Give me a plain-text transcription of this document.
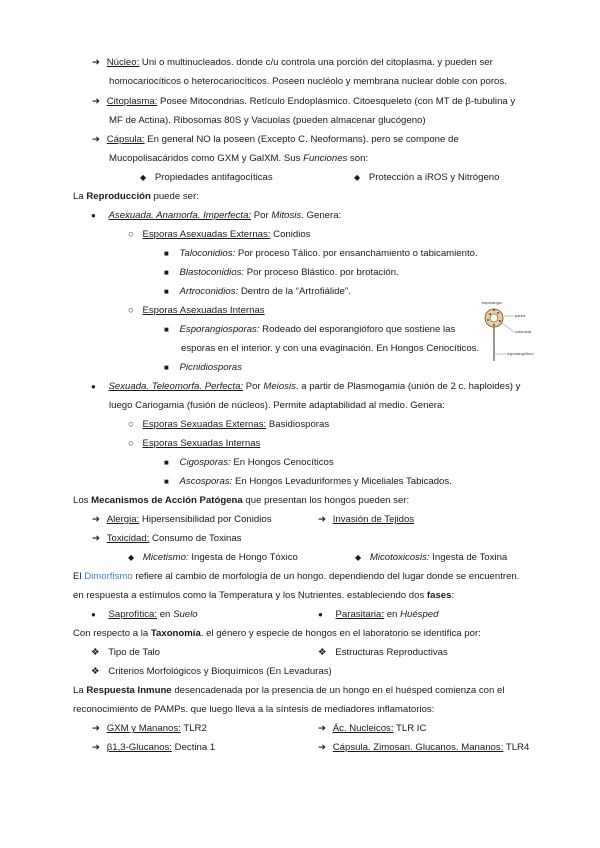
➔ Núcleo: Uni o multinucleados. donde c/u controla una porción del citoplasma. y pueden ser
homocariocíticos o heterocariocíticos. Poseen nucléolo y membrana nuclear doble con poros.
➔ Citoplasma: Posee Mitocondrias. Retículo Endoplásmico. Citoesqueleto (con MT de β-tubulina y
MF de Actina). Ribosomas 80S y Vacuolas (pueden almacenar glucógeno)
➔ Cápsula: En general NO la poseen (Excepto C. Neoformans). pero se compone de
Mucopolisacáridos como GXM y GalXM. Sus Funciones son:
◆ Propiedades antifagocíticas	◆ Protección a iROS y Nitrógeno
La Reproducción puede ser:
● Asexuada. Anamorfa. Imperfecta: Por Mitosis. Genera:
○ Esporas Asexuadas Externas: Conidios
■ Taloconidios: Por proceso Tálico. por ensanchamiento o tabicamiento.
■ Blastoconidios: Por proceso Blástico. por brotación.
■ Artroconidios: Dentro de la “Artrofiálide”.
○ Esporas Asexuadas Internas
■ Esporangiosporas: Rodeado del esporangióforo que sostiene las
esporas en el interior. y con una evaginación. En Hongos Cenocíticos.
■ Picnidiosporas
esporangio
pared
columela
esporangióforo
● Sexuada. Teleomorfa. Perfecta: Por Meiosis. a partir de Plasmogamia (unión de 2 c. haploides) y
luego Cariogamia (fusión de núcleos). Permite adaptabilidad al medio. Genera:
○ Esporas Sexuadas Externas: Basidiosporas
○ Esporas Sexuadas Internas
■ Cigosporas: En Hongos Cenocíticos
■ Ascosporas: En Hongos Levaduriformes y Miceliales Tabicados.
Los Mecanismos de Acción Patógena que presentan los hongos pueden ser:
➔ Alergia: Hipersensibilidad por Conidios	➔ Invasión de Tejidos
➔ Toxicidad: Consumo de Toxinas
◆ Micetismo: Ingesta de Hongo Tóxico	◆ Micotoxicosis: Ingesta de Toxina
El Dimorfismo refiere al cambio de morfología de un hongo. dependiendo del lugar donde se encuentren.
en respuesta a estímulos como la Temperatura y los Nutrientes. estableciendo dos fases:
● Saprofítica: en Suelo	● Parasitaria: en Huésped
Con respecto a la Taxonomía. el género y especie de hongos en el laboratorio se identifica por:
❖ Tipo de Talo	❖ Estructuras Reproductivas
❖ Criterios Morfológicos y Bioquímicos (En Levaduras)
La Respuesta Inmune desencadenada por la presencia de un hongo en el huésped comienza con el
reconocimiento de PAMPs. que luego lleva a la síntesis de mediadores inflamatorios:
➔ GXM y Mananos: TLR2	➔ Ác. Nucleicos: TLR IC
➔ β1,3-Glucanos: Dectina 1	➔ Cápsula. Zimosan. Glucanos. Mananos: TLR4
